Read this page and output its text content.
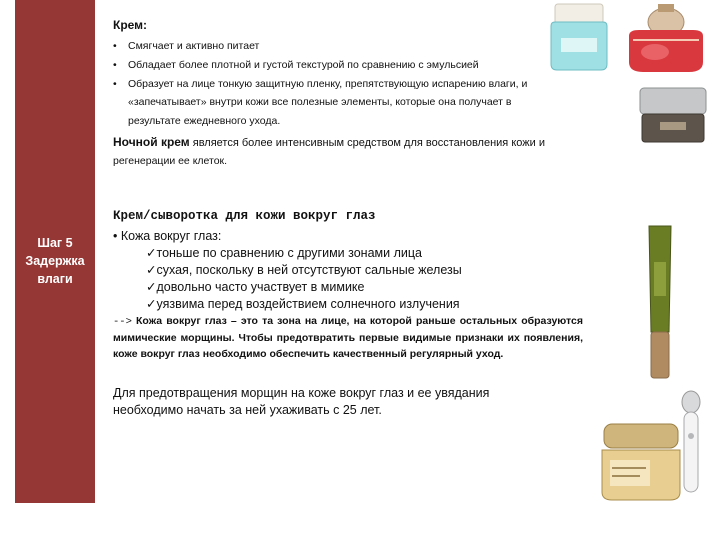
Шаг 5
Задержка
влаги
Крем:
• Смягчает и активно питает
• Обладает более плотной и густой текстурой по сравнению с эмульсией
• Образует на лице тонкую защитную пленку, препятствующую испарению влаги, и
«запечатывает» внутри кожи все полезные элементы, которые она получает в
результате ежедневного ухода.
Ночной крем является более интенсивным средством для восстановления кожи и
регенерации ее клеток.
Крем/сыворотка для кожи вокруг глаз
• Кожа вокруг глаз:
✓тоньше по сравнению с другими зонами лица
✓сухая, поскольку в ней отсутствуют сальные железы
✓довольно часто участвует в мимике
✓уязвима перед воздействием солнечного излучения
--> Кожа вокруг глаз – это та зона на лице, на которой раньше остальных образуются мимические морщины. Чтобы предотвратить первые видимые признаки их появления, коже вокруг глаз необходимо обеспечить качественный регулярный уход.
Для предотвращения морщин на коже вокруг глаз и ее увядания необходимо начать за ней ухаживать с 25 лет.
